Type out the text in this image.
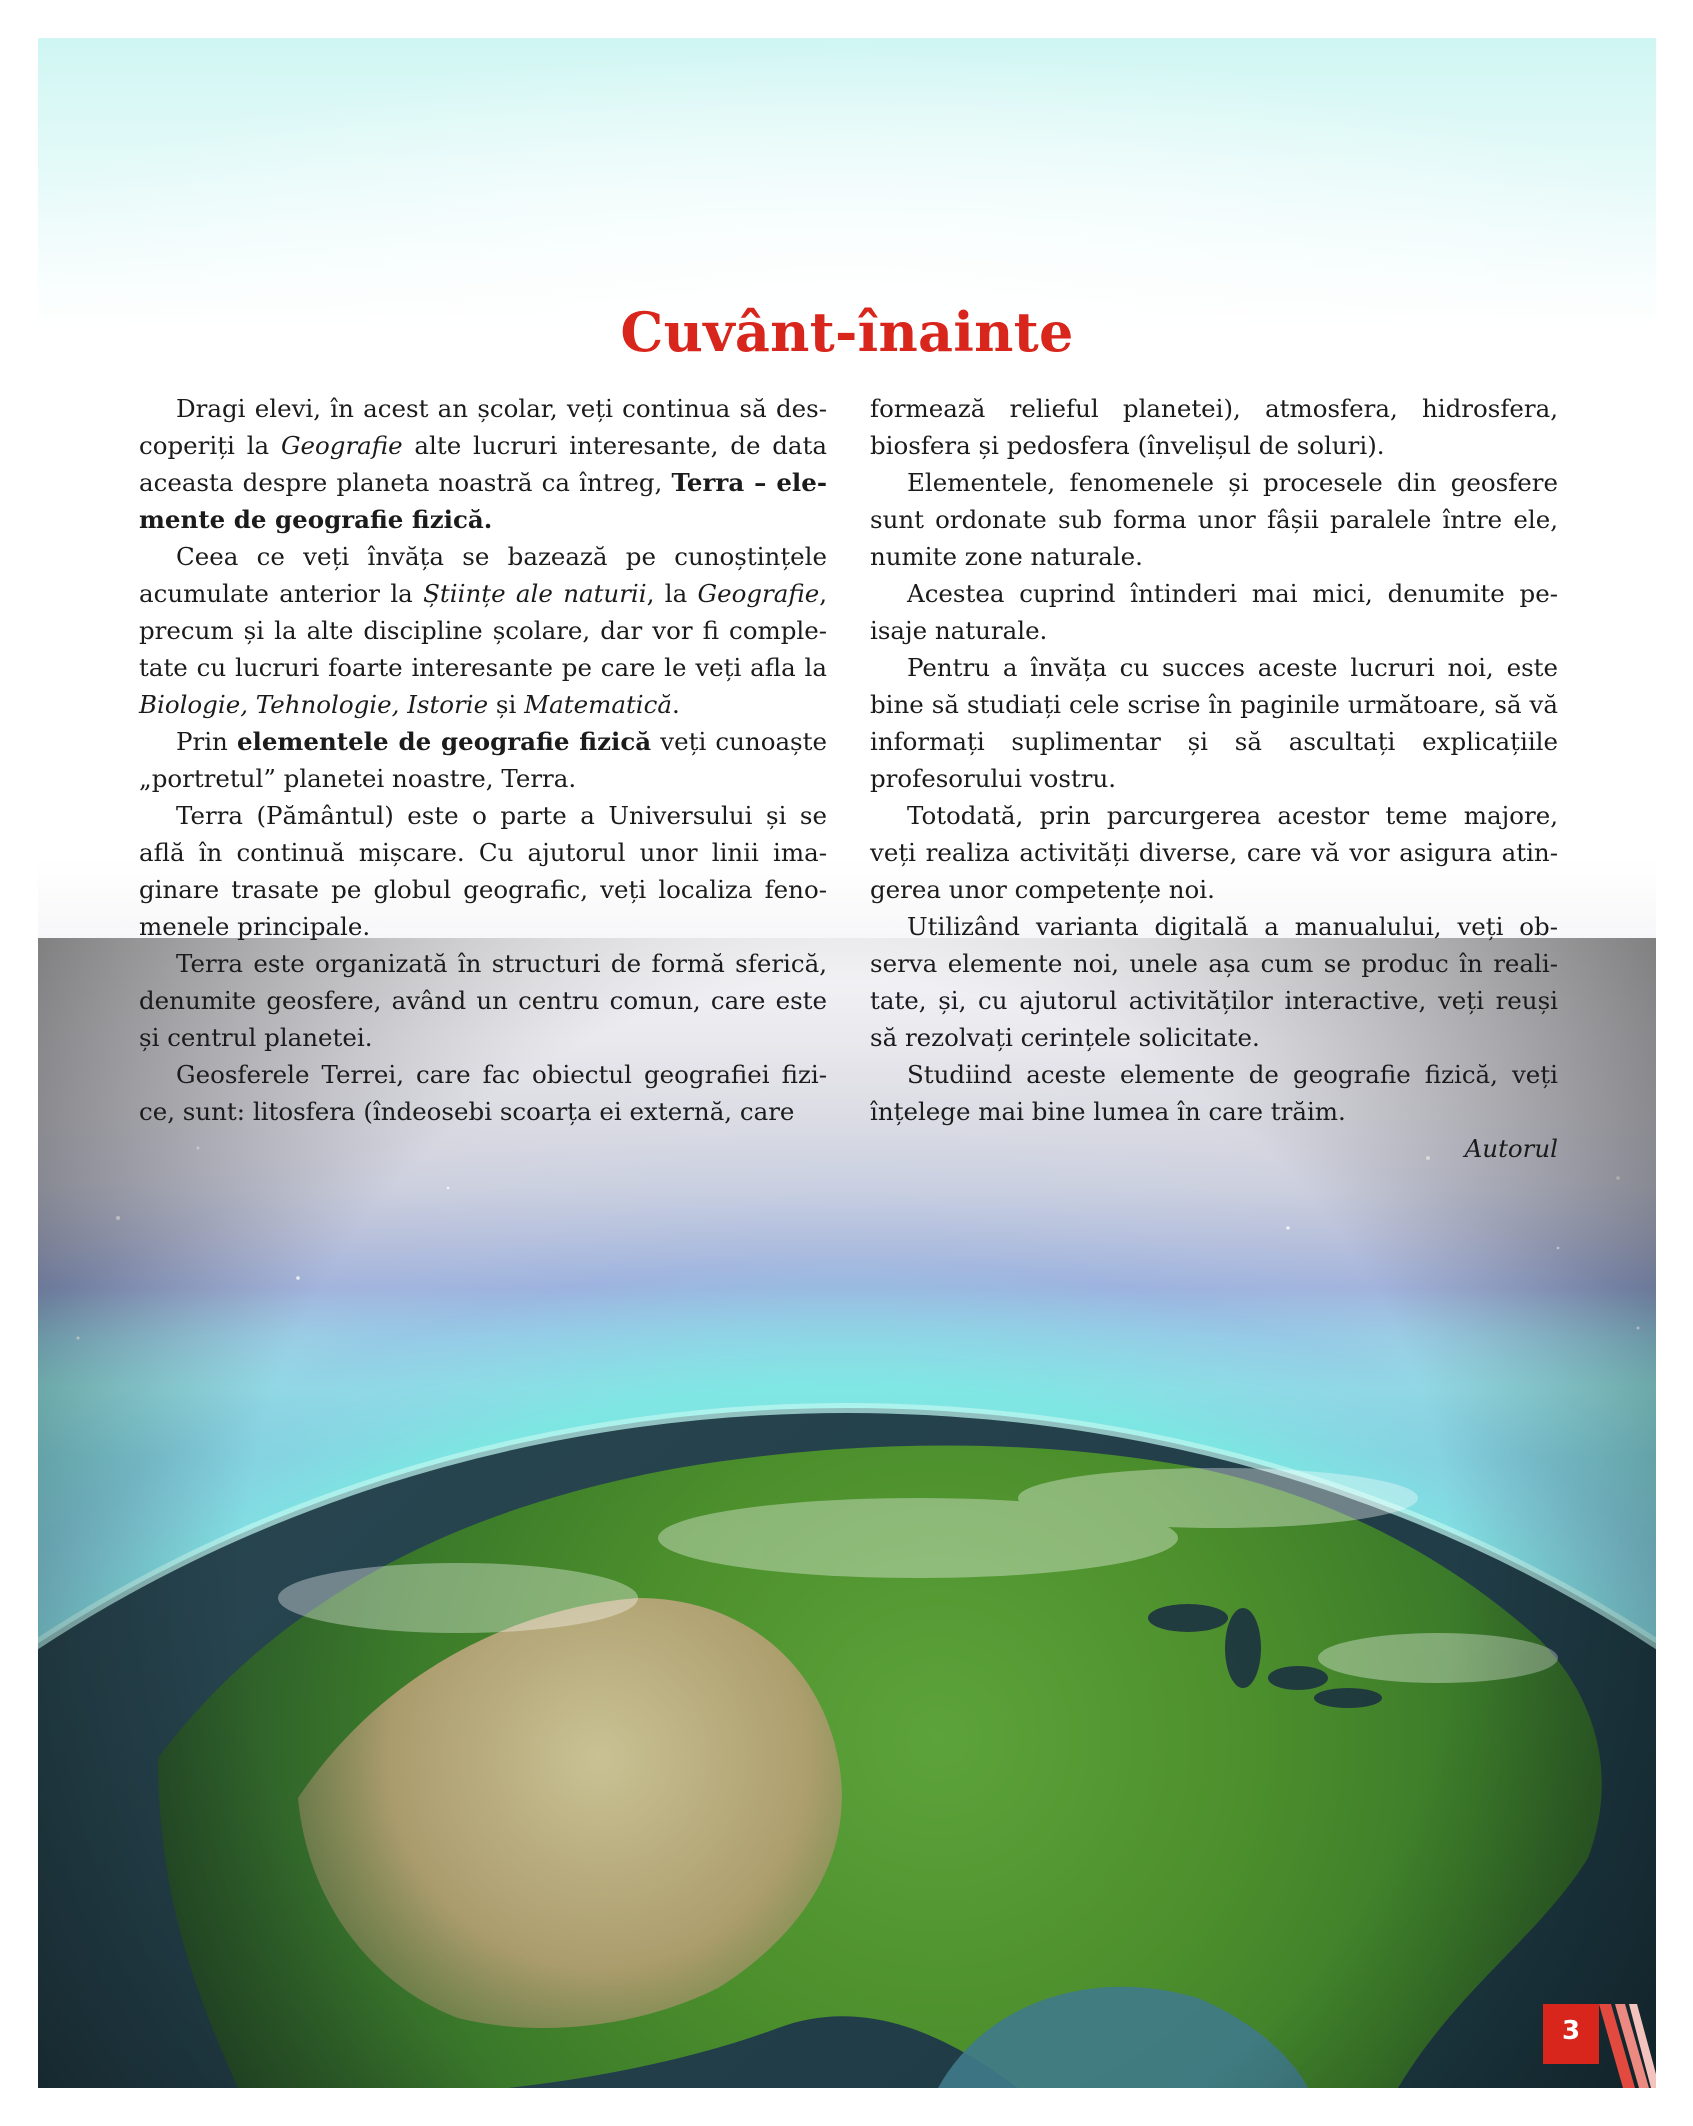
Cuvânt-înainte

Dragi elevi, în acest an școlar, veți continua să descoperiți la Geografie alte lucruri interesante, de data aceasta despre planeta noastră ca întreg, Terra – elemente de geografie fizică.

Ceea ce veți învăța se bazează pe cunoștințele acumulate anterior la Științe ale naturii, la Geografie, precum și la alte discipline școlare, dar vor fi completate cu lucruri foarte interesante pe care le veți afla la Biologie, Tehnologie, Istorie și Matematică.

Prin elementele de geografie fizică veți cunoaște „portretul” planetei noastre, Terra.

Terra (Pământul) este o parte a Universului și se află în continuă mișcare. Cu ajutorul unor linii imaginare trasate pe globul geografic, veți localiza fenomenele principale.

Terra este organizată în structuri de formă sferică, denumite geosfere, având un centru comun, care este și centrul planetei.

Geosferele Terrei, care fac obiectul geografiei fizice, sunt: litosfera (îndeosebi scoarța ei externă, care

formează relieful planetei), atmosfera, hidrosfera, biosfera și pedosfera (învelișul de soluri).

Elementele, fenomenele și procesele din geosfere sunt ordonate sub forma unor fâșii paralele între ele, numite zone naturale.

Acestea cuprind întinderi mai mici, denumite peisaje naturale.

Pentru a învăța cu succes aceste lucruri noi, este bine să studiați cele scrise în paginile următoare, să vă informați suplimentar și să ascultați explicațiile profesorului vostru.

Totodată, prin parcurgerea acestor teme majore, veți realiza activități diverse, care vă vor asigura atingerea unor competențe noi.

Utilizând varianta digitală a manualului, veți observa elemente noi, unele așa cum se produc în realitate, și, cu ajutorul activităților interactive, veți reuși să rezolvați cerințele solicitate.

Studiind aceste elemente de geografie fizică, veți înțelege mai bine lumea în care trăim.

Autorul

3
